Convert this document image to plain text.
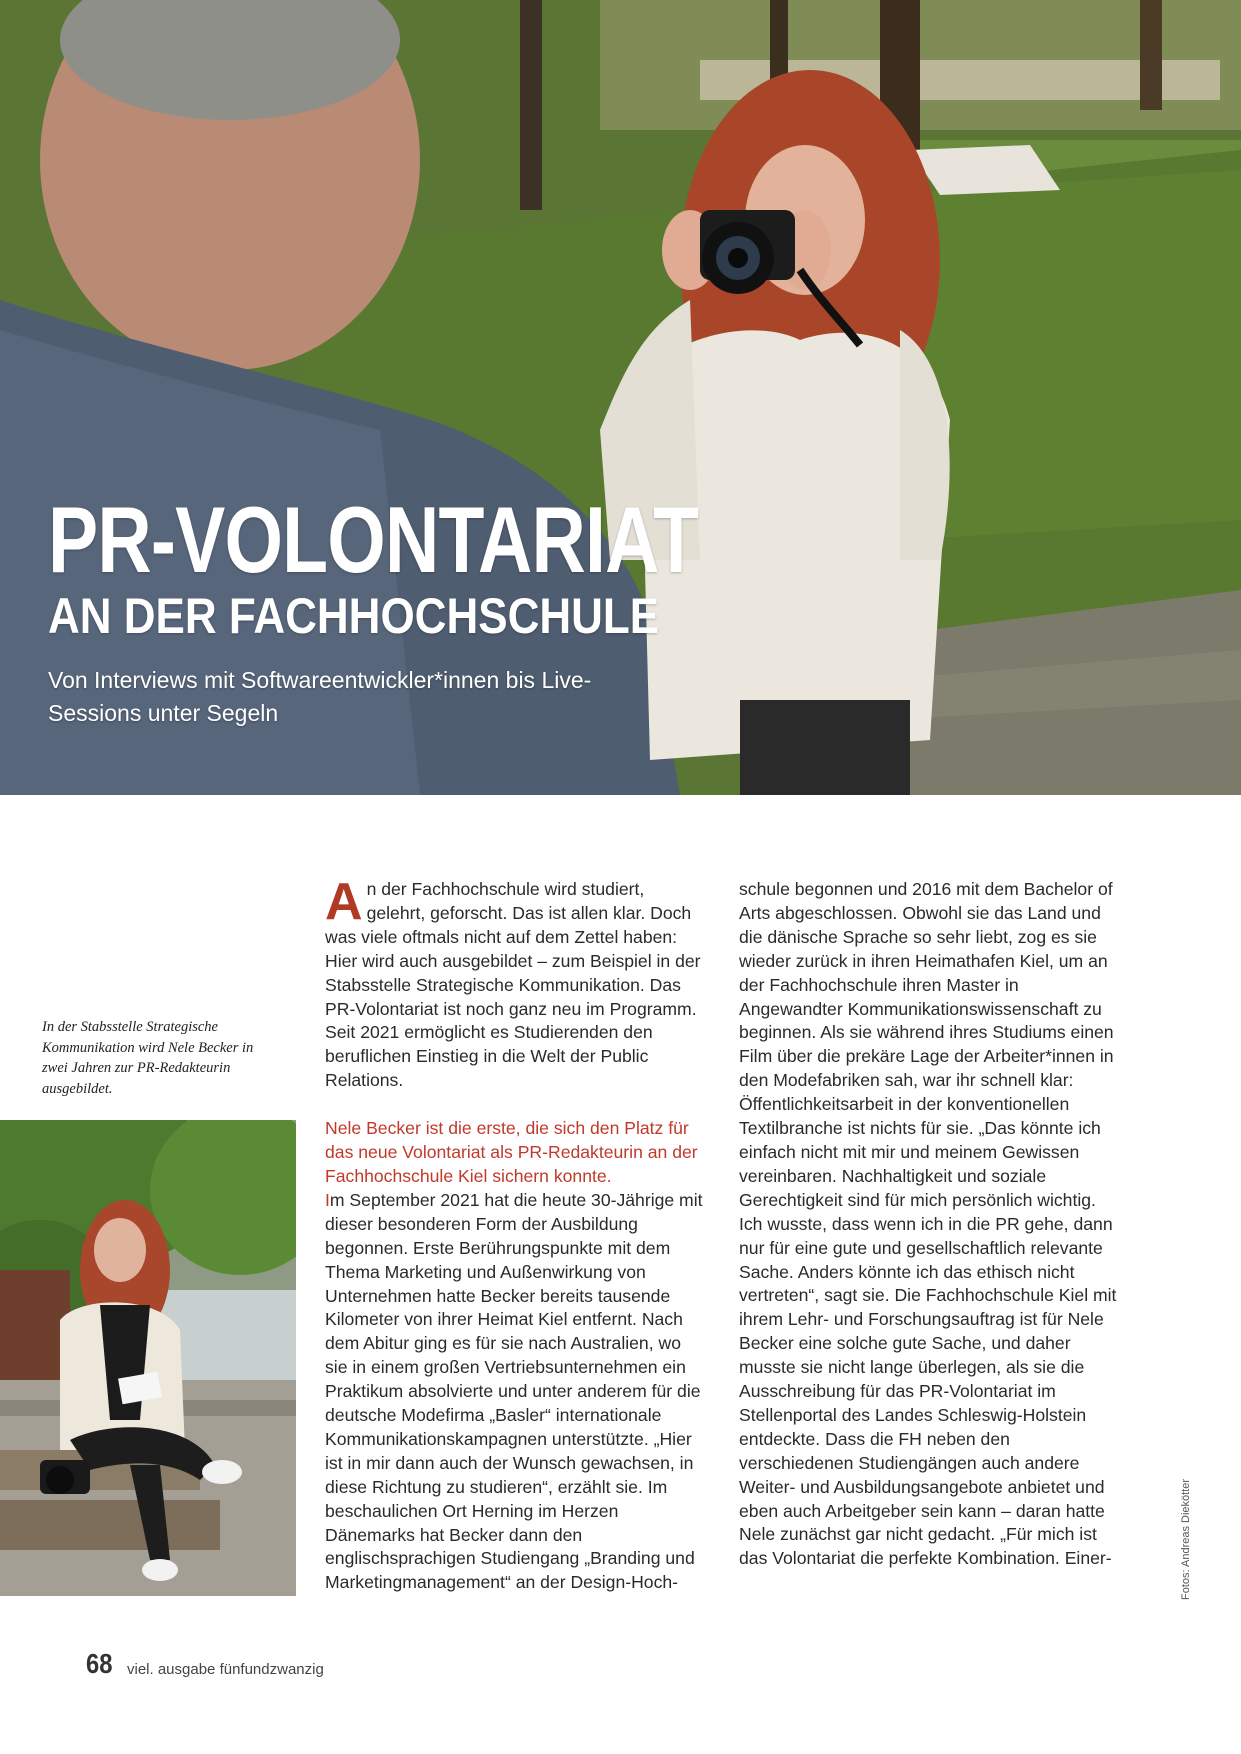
PR-VOLONTARIAT
AN DER FACHHOCHSCHULE
Von Interviews mit Softwareentwickler*innen bis Live-Sessions unter Segeln
In der Stabsstelle Strategische Kommunikation wird Nele Becker in zwei Jahren zur PR-Redakteurin ausgebildet.

An der Fachhochschule wird studiert, gelehrt, geforscht. Das ist allen klar. Doch was viele oftmals nicht auf dem Zettel haben: Hier wird auch ausgebildet – zum Beispiel in der Stabsstelle Strategische Kommunikation. Das PR-Volontariat ist noch ganz neu im Programm. Seit 2021 ermöglicht es Studierenden den beruflichen Einstieg in die Welt der Public Relations.

Nele Becker ist die erste, die sich den Platz für das neue Volontariat als PR-Redakteurin an der Fachhochschule Kiel sichern konnte.

Im September 2021 hat die heute 30-Jährige mit dieser besonderen Form der Ausbildung begonnen. Erste Berührungspunkte mit dem Thema Marketing und Außenwirkung von Unternehmen hatte Becker bereits tausende Kilometer von ihrer Heimat Kiel entfernt. Nach dem Abitur ging es für sie nach Australien, wo sie in einem großen Vertriebsunternehmen ein Praktikum absolvierte und unter anderem für die deutsche Modefirma „Basler“ internationale Kommunikationskampagnen unterstützte. „Hier ist in mir dann auch der Wunsch gewachsen, in diese Richtung zu studieren“, erzählt sie. Im beschaulichen Ort Herning im Herzen Dänemarks hat Becker dann den englischsprachigen Studiengang „Branding und Marketingmanagement“ an der Design-Hoch-

schule begonnen und 2016 mit dem Bachelor of Arts abgeschlossen. Obwohl sie das Land und die dänische Sprache so sehr liebt, zog es sie wieder zurück in ihren Heimathafen Kiel, um an der Fachhochschule ihren Master in Angewandter Kommunikationswissenschaft zu beginnen. Als sie während ihres Studiums einen Film über die prekäre Lage der Arbeiter*innen in den Modefabriken sah, war ihr schnell klar: Öffentlichkeitsarbeit in der konventionellen Textilbranche ist nichts für sie. „Das könnte ich einfach nicht mit mir und meinem Gewissen vereinbaren. Nachhaltigkeit und soziale Gerechtigkeit sind für mich persönlich wichtig. Ich wusste, dass wenn ich in die PR gehe, dann nur für eine gute und gesellschaftlich relevante Sache. Anders könnte ich das ethisch nicht vertreten“, sagt sie. Die Fachhochschule Kiel mit ihrem Lehr- und Forschungsauftrag ist für Nele Becker eine solche gute Sache, und daher musste sie nicht lange überlegen, als sie die Ausschreibung für das PR-Volontariat im Stellenportal des Landes Schleswig-Holstein entdeckte. Dass die FH neben den verschiedenen Studiengängen auch andere Weiter- und Ausbildungsangebote anbietet und eben auch Arbeitgeber sein kann – daran hatte Nele zunächst gar nicht gedacht. „Für mich ist das Volontariat die perfekte Kombination. Einer-

68 viel. ausgabe fünfundzwanzig
Fotos: Andreas Diekötter
